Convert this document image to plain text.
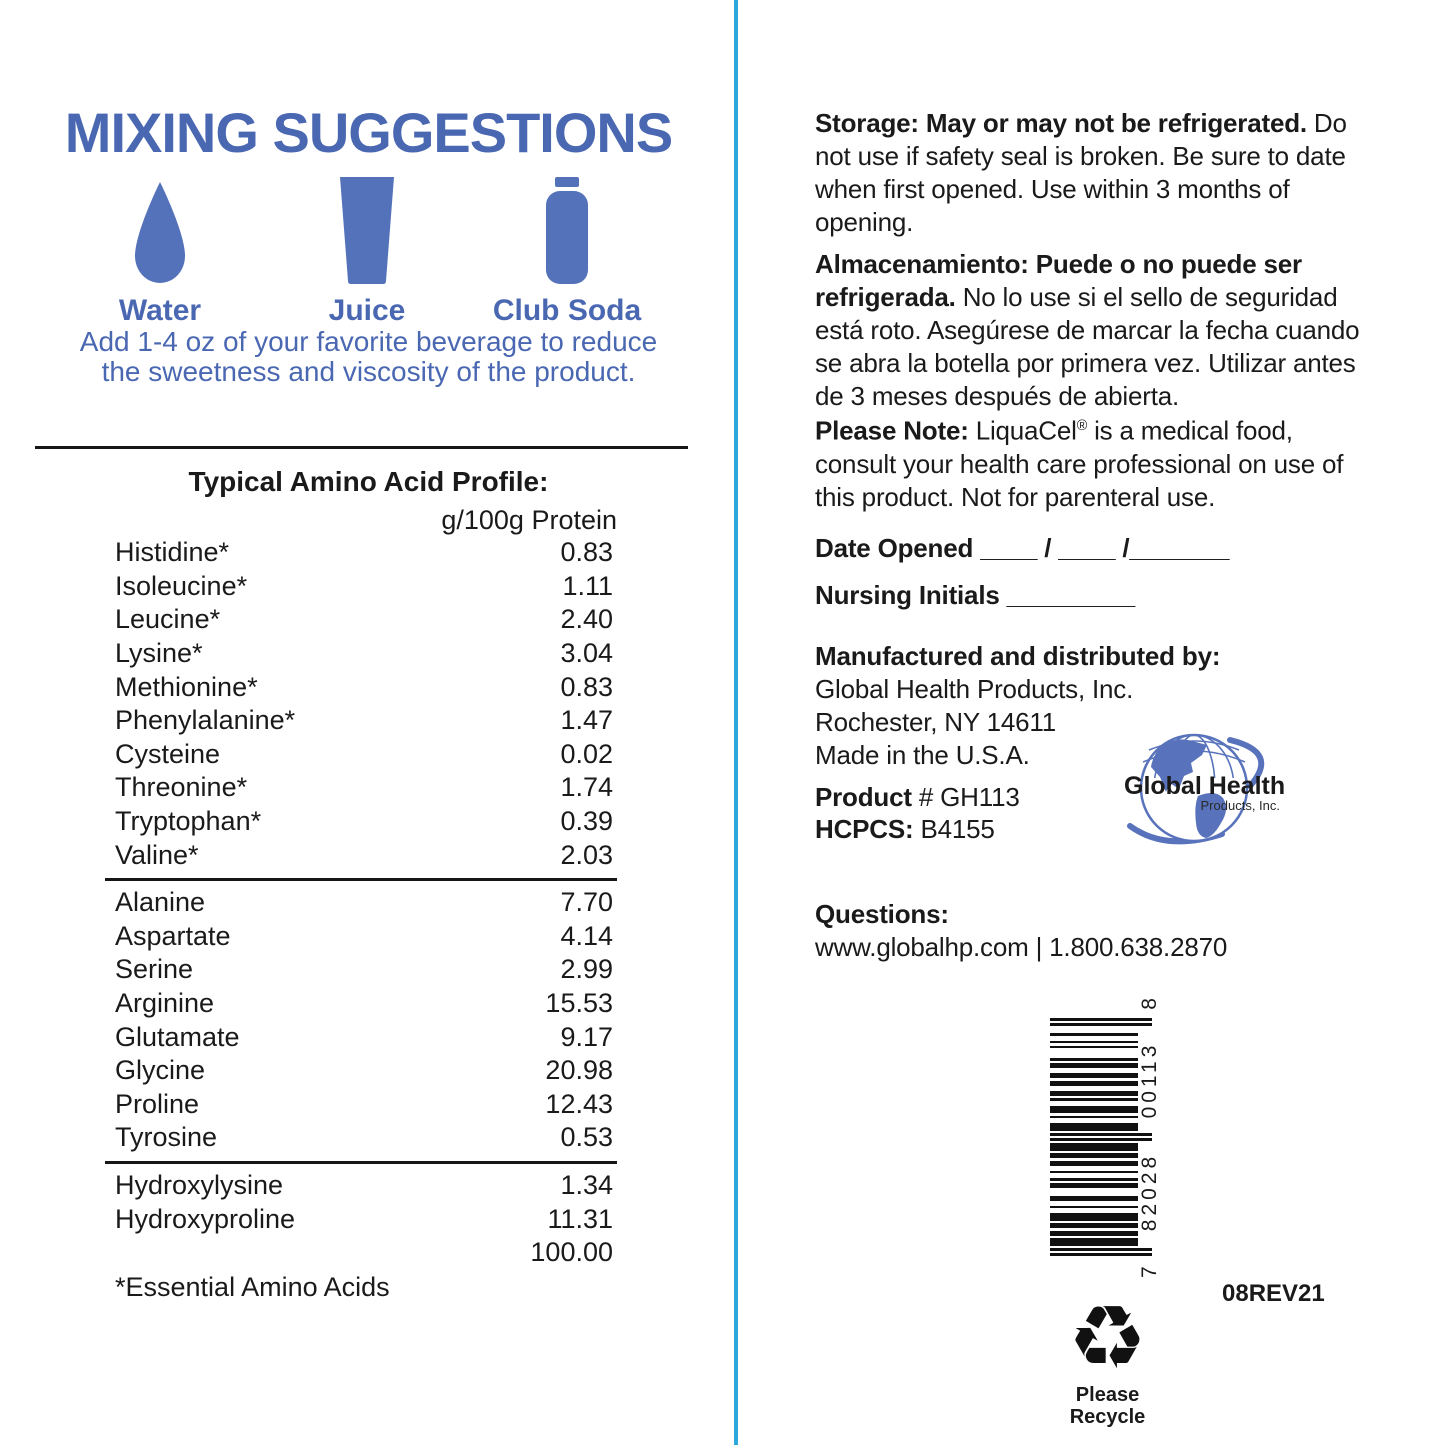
MIXING SUGGESTIONS
Water	Juice	Club Soda
Add 1-4 oz of your favorite beverage to reduce
the sweetness and viscosity of the product.
Typical Amino Acid Profile:
g/100g Protein
Histidine*	0.83
Isoleucine*	1.11
Leucine*	2.40
Lysine*	3.04
Methionine*	0.83
Phenylalanine*	1.47
Cysteine	0.02
Threonine*	1.74
Tryptophan*	0.39
Valine*	2.03
Alanine	7.70
Aspartate	4.14
Serine	2.99
Arginine	15.53
Glutamate	9.17
Glycine	20.98
Proline	12.43
Tyrosine	0.53
Hydroxylysine	1.34
Hydroxyproline	11.31
100.00
*Essential Amino Acids
Storage: May or may not be refrigerated. Do
not use if safety seal is broken. Be sure to date
when first opened. Use within 3 months of
opening.
Almacenamiento: Puede o no puede ser
refrigerada. No lo use si el sello de seguridad
está roto. Asegúrese de marcar la fecha cuando
se abra la botella por primera vez. Utilizar antes
de 3 meses después de abierta.
Please Note: LiquaCel® is a medical food,
consult your health care professional on use of
this product. Not for parenteral use.
Date Opened ____ / ____ /_______
Nursing Initials _________
Manufactured and distributed by:
Global Health Products, Inc.
Rochester, NY 14611
Made in the U.S.A.
Product # GH113
HCPCS: B4155
Global Health
Products, Inc.
Questions:
www.globalhp.com | 1.800.638.2870
7
82028
00113
8
08REV21
♻
Please
Recycle
